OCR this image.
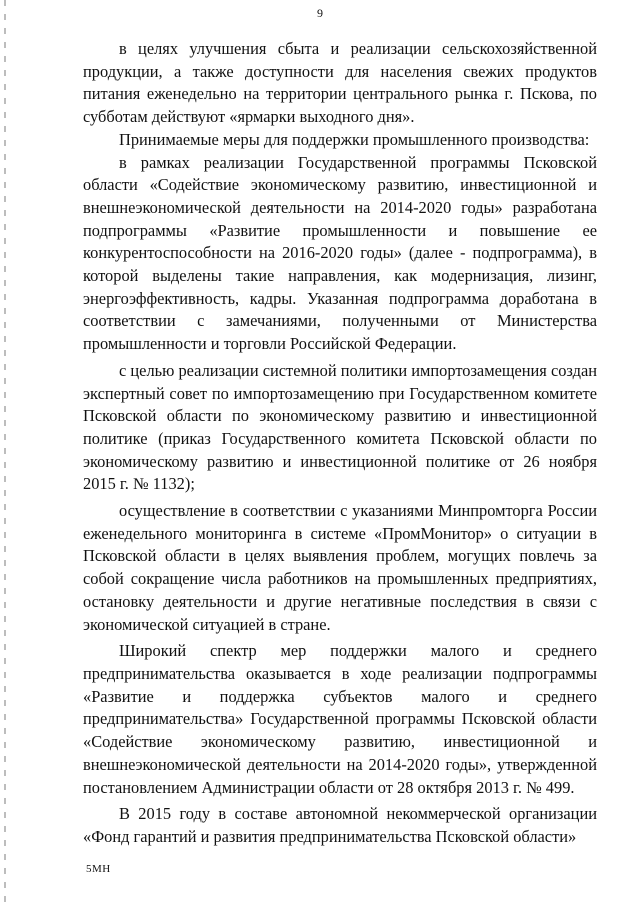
9

в целях улучшения сбыта и реализации сельскохозяйственной продукции, а также доступности для населения свежих продуктов питания еженедельно на территории центрального рынка г. Пскова, по субботам действуют «ярмарки выходного дня».

Принимаемые меры для поддержки промышленного производства:

в рамках реализации Государственной программы Псковской области «Содействие экономическому развитию, инвестиционной и внешнеэкономической деятельности на 2014-2020 годы» разработана подпрограммы «Развитие промышленности и повышение ее конкурентоспособности на 2016-2020 годы» (далее - подпрограмма), в которой выделены такие направления, как модернизация, лизинг, энергоэффективность, кадры. Указанная подпрограмма доработана в соответствии с замечаниями, полученными от Министерства промышленности и торговли Российской Федерации.

с целью реализации системной политики импортозамещения создан экспертный совет по импортозамещению при Государственном комитете Псковской области по экономическому развитию и инвестиционной политике (приказ Государственного комитета Псковской области по экономическому развитию и инвестиционной политике от 26 ноября 2015 г. № 1132);

осуществление в соответствии с указаниями Минпромторга России еженедельного мониторинга в системе «ПромМонитор» о ситуации в Псковской области в целях выявления проблем, могущих повлечь за собой сокращение числа работников на промышленных предприятиях, остановку деятельности и другие негативные последствия в связи с экономической ситуацией в стране.

Широкий спектр мер поддержки малого и среднего предпринимательства оказывается в ходе реализации подпрограммы «Развитие и поддержка субъектов малого и среднего предпринимательства» Государственной программы Псковской области «Содействие экономическому развитию, инвестиционной и внешнеэкономической деятельности на 2014-2020 годы», утвержденной постановлением Администрации области от 28 октября 2013 г. № 499.

В 2015 году в составе автономной некоммерческой организации «Фонд гарантий и развития предпринимательства Псковской области»

5МН
